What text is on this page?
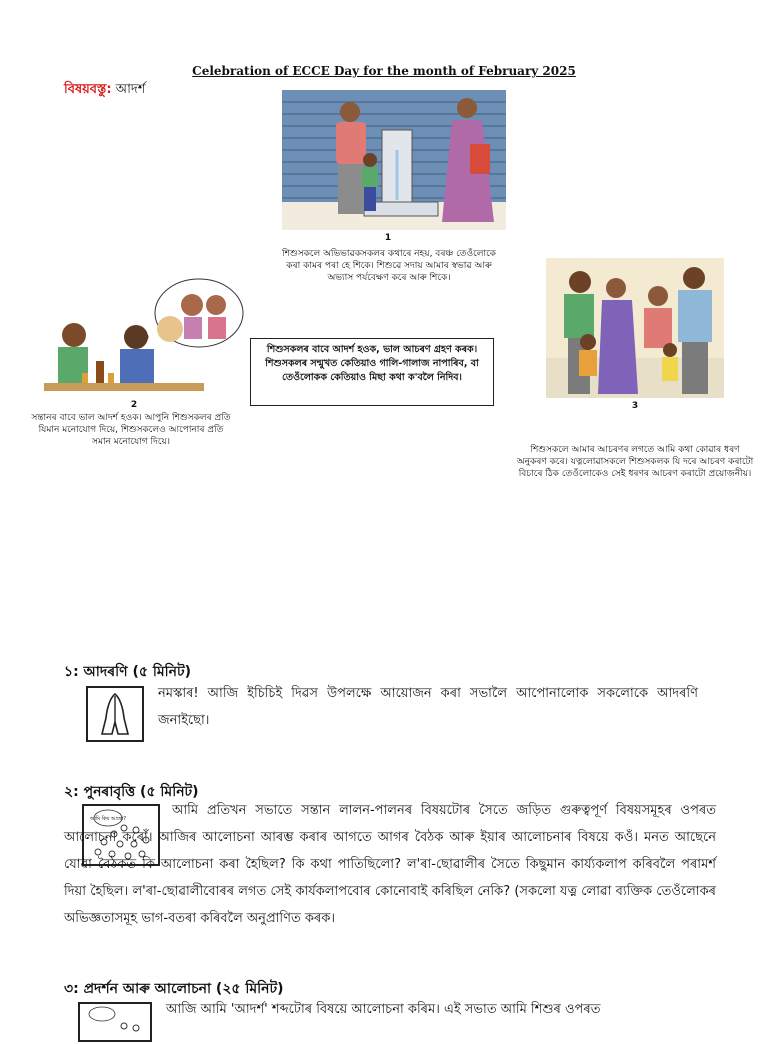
Celebration of ECCE Day for the month of February 2025
বিষয়বস্তু: আদৰ্শ
1
শিশুসকলে অভিভাৱকসকলৰ কথাৰে নহয়, বৰঞ্চ তেওঁলোকে কৰা কামৰ পৰা হে শিকে। শিশুৱে সদায় আমাৰ স্বভাৱ আৰু অভ্যাস পৰ্যবেক্ষণ কৰে আৰু শিকে।
2
সন্তানৰ বাবে ভাল আদৰ্শ হওক। আপুনি শিশুসকলৰ প্ৰতি যিমান মনোযোগ দিয়ে, শিশুসকলেও আপোনাৰ প্ৰতি সমান মনোযোগ দিয়ে।
শিশুসকলৰ বাবে আদৰ্শ হওক, ভাল আচৰণ গ্ৰহণ কৰক। শিশুসকলৰ সন্মুখত কেতিয়াও গালি-গালাজ নাপাৰিব, বা তেওঁলোকক কেতিয়াও মিছা কথা ক'বলৈ নিদিব।
3
শিশুসকলে আমাৰ আচৰণৰ লগতে আমি কথা কোৱাৰ ধৰণ অনুকৰণ কৰে। যত্নলোৱাসকলে শিশুসকলক যি দৰে আচৰণ কৰাটো বিচাৰে ঠিক তেওঁলোকেও সেই ধৰণৰ আচৰণ কৰাটো প্ৰয়োজনীয়।
১: আদৰণি (৫ মিনিট)
নমস্কাৰ! আজি ইচিচিই দিৱস উপলক্ষে আয়োজন কৰা সভালৈ আপোনালোক সকলোকে আদৰণি জনাইছো।
২: পুনৰাবৃত্তি (৫ মিনিট)
আমি কিয় আছো?
আমি প্ৰতিখন সভাতে সন্তান লালন-পালনৰ বিষয়টোৰ সৈতে জড়িত গুৰুত্বপূৰ্ণ বিষয়সমূহৰ ওপৰত আলোচনা কৰোঁ। আজিৰ আলোচনা আৰম্ভ কৰাৰ আগতে আগৰ বৈঠক আৰু ইয়াৰ আলোচনাৰ বিষয়ে কওঁ। মনত আছেনে যোৱা বৈঠকত কি আলোচনা কৰা হৈছিল? কি কথা পাতিছিলো? ল'ৰা-ছোৱালীৰ সৈতে কিছুমান কাৰ্য্যকলাপ কৰিবলৈ পৰামৰ্শ দিয়া হৈছিল। ল'ৰা-ছোৱালীবোৰৰ লগত সেই কাৰ্যকলাপবোৰ কোনোবাই কৰিছিল নেকি? (সকলো যত্ন লোৱা ব্যক্তিক তেওঁলোকৰ অভিজ্ঞতাসমূহ ভাগ-বতৰা কৰিবলৈ অনুপ্ৰাণিত কৰক।
৩: প্ৰদৰ্শন আৰু আলোচনা (২৫ মিনিট)
আজি আমি 'আদৰ্শ' শব্দটোৰ বিষয়ে আলোচনা কৰিম। এই সভাত আমি শিশুৰ ওপৰত
